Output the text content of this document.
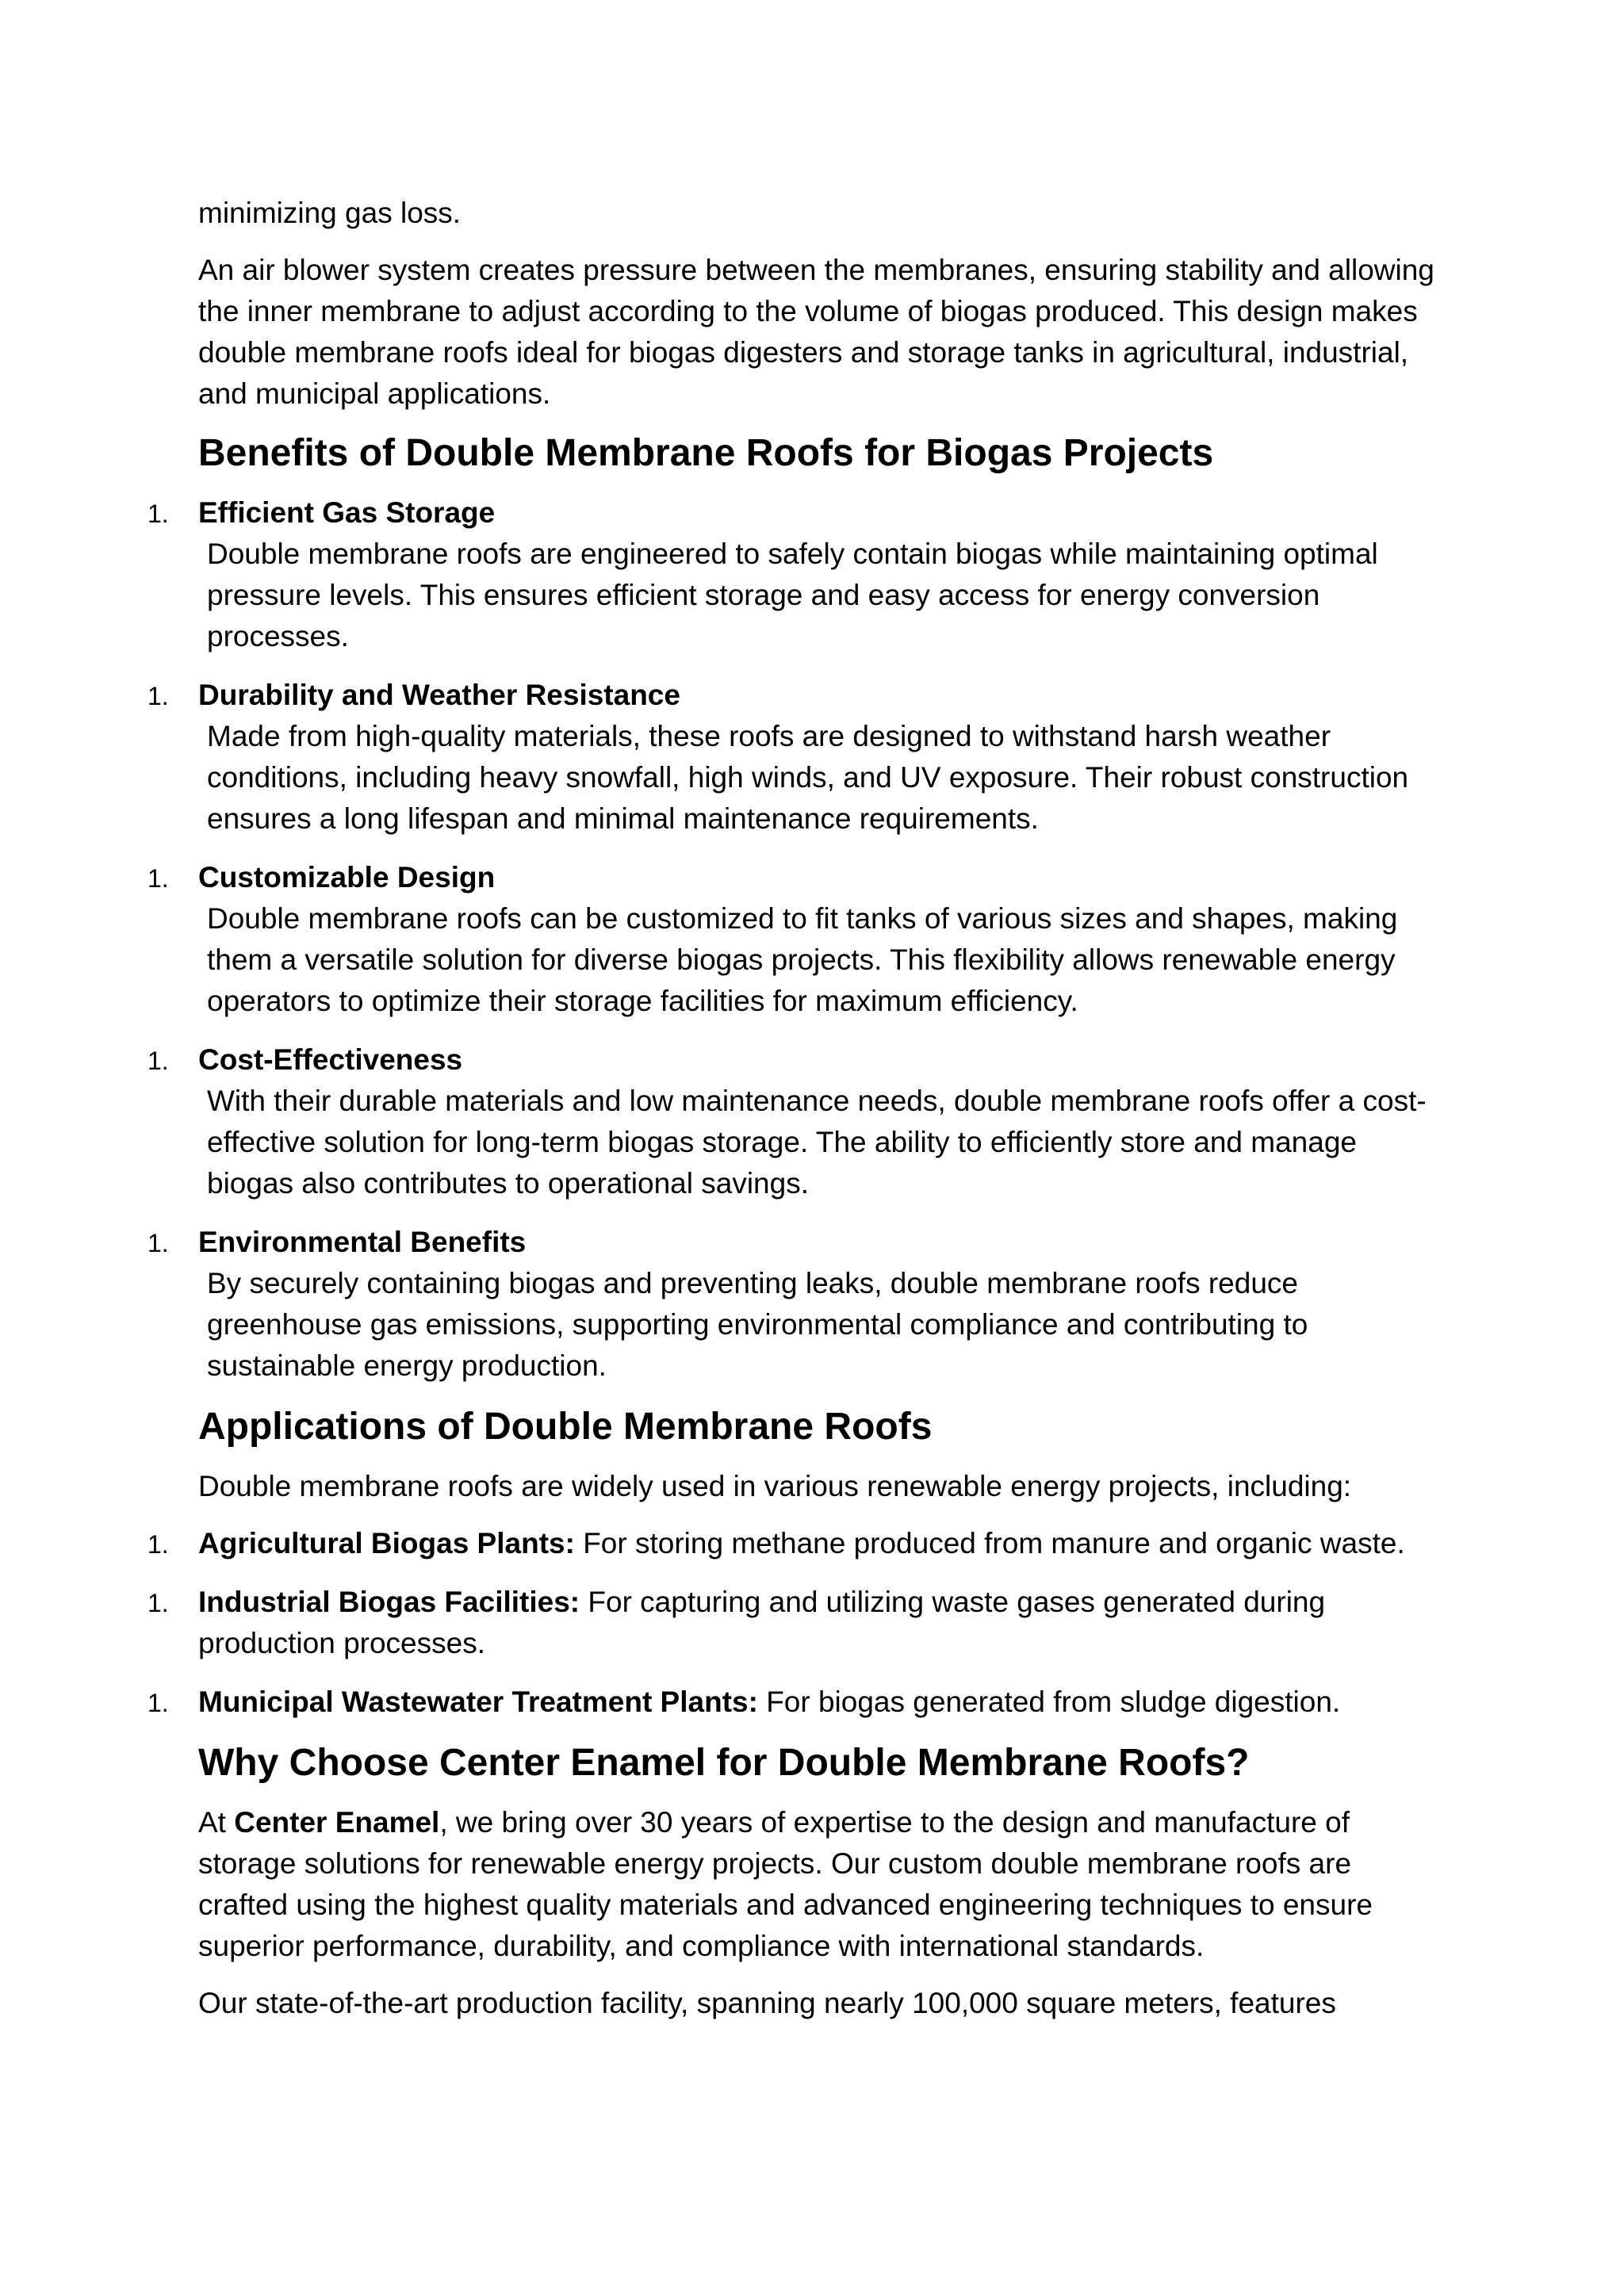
minimizing gas loss.

An air blower system creates pressure between the membranes, ensuring stability and allowing the inner membrane to adjust according to the volume of biogas produced. This design makes double membrane roofs ideal for biogas digesters and storage tanks in agricultural, industrial, and municipal applications.

Benefits of Double Membrane Roofs for Biogas Projects
1. Efficient Gas Storage
Double membrane roofs are engineered to safely contain biogas while maintaining optimal pressure levels. This ensures efficient storage and easy access for energy conversion processes.
1. Durability and Weather Resistance
Made from high-quality materials, these roofs are designed to withstand harsh weather conditions, including heavy snowfall, high winds, and UV exposure. Their robust construction ensures a long lifespan and minimal maintenance requirements.
1. Customizable Design
Double membrane roofs can be customized to fit tanks of various sizes and shapes, making them a versatile solution for diverse biogas projects. This flexibility allows renewable energy operators to optimize their storage facilities for maximum efficiency.
1. Cost-Effectiveness
With their durable materials and low maintenance needs, double membrane roofs offer a cost-effective solution for long-term biogas storage. The ability to efficiently store and manage biogas also contributes to operational savings.
1. Environmental Benefits
By securely containing biogas and preventing leaks, double membrane roofs reduce greenhouse gas emissions, supporting environmental compliance and contributing to sustainable energy production.
Applications of Double Membrane Roofs

Double membrane roofs are widely used in various renewable energy projects, including:

1. Agricultural Biogas Plants: For storing methane produced from manure and organic waste.
1. Industrial Biogas Facilities: For capturing and utilizing waste gases generated during production processes.
1. Municipal Wastewater Treatment Plants: For biogas generated from sludge digestion.
Why Choose Center Enamel for Double Membrane Roofs?

At Center Enamel, we bring over 30 years of expertise to the design and manufacture of storage solutions for renewable energy projects. Our custom double membrane roofs are crafted using the highest quality materials and advanced engineering techniques to ensure superior performance, durability, and compliance with international standards.

Our state-of-the-art production facility, spanning nearly 100,000 square meters, features
